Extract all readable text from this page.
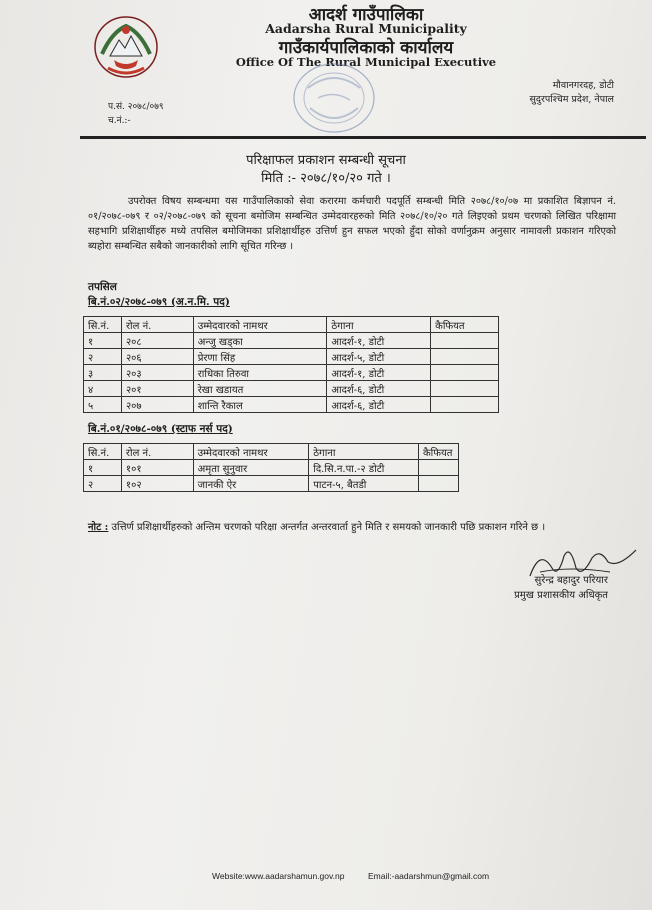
आदर्श गाउँपालिका
Aadarsha Rural Municipality
गाउँकार्यपालिकाको कार्यालय
Office Of The Rural Municipal Executive
मौवानगरदह, डोटी
सुदुरपश्चिम प्रदेश, नेपाल
प.सं. २०७८/०७९
च.नं.:-
परिक्षाफल प्रकाशन सम्बन्धी सूचना
मिति :- २०७८/१०/२० गते ।

उपरोक्त विषय सम्बन्धमा यस गाउँपालिकाको सेवा करारमा कर्मचारी पदपूर्ति सम्बन्धी मिति २०७८/१०/०७ मा प्रकाशित बिज्ञापन नं. ०१/२०७८-०७९ र ०२/२०७८-०७९ को सूचना बमोजिम सम्बन्धित उम्मेदवारहरुको मिति २०७८/१०/२० गते लिइएको प्रथम चरणको लिखित परिक्षामा सहभागि प्रशिक्षार्थीहरु मध्ये तपसिल बमोजिमका प्रशिक्षार्थीहरु उत्तिर्ण हुन सफल भएको हुँदा सोको वर्णानुक्रम अनुसार नामावली प्रकाशन गरिएको ब्यहोरा सम्बन्धित सबैको जानकारीको लागि सूचित गरिन्छ ।

तपसिल
बि.नं.०२/२०७८-०७९ (अ.न.मि. पद)
सि.नं.	रोल नं.	उम्मेदवारको नामथर	ठेगाना	कैफियत
१	२०८	अन्जु खड्का	आदर्श-१, डोटी	
२	२०६	प्रेरणा सिंह	आदर्श-५, डोटी	
३	२०३	राधिका तिरुवा	आदर्श-१, डोटी	
४	२०१	रेखा खडायत	आदर्श-६, डोटी	
५	२०७	शान्ति रैकाल	आदर्श-६, डोटी	
बि.नं.०१/२०७८-०७९ (स्टाफ नर्स पद)
सि.नं.	रोल नं.	उम्मेदवारको नामथर	ठेगाना	कैफियत
१	१०१	अमृता सुनुवार	दि.सि.न.पा.-२ डोटी	
२	१०२	जानकी ऐर	पाटन-५, बैतडी	

नोट : उत्तिर्ण प्रशिक्षार्थीहरुको अन्तिम चरणको परिक्षा अन्तर्गत अन्तरवार्ता हुने मिति र समयको जानकारी पछि प्रकाशन गरिने छ ।

सुरेन्द्र बहादुर परियार
प्रमुख प्रशासकीय अधिकृत
Website:www.aadarshamun.gov.np	Email:-aadarshmun@gmail.com
